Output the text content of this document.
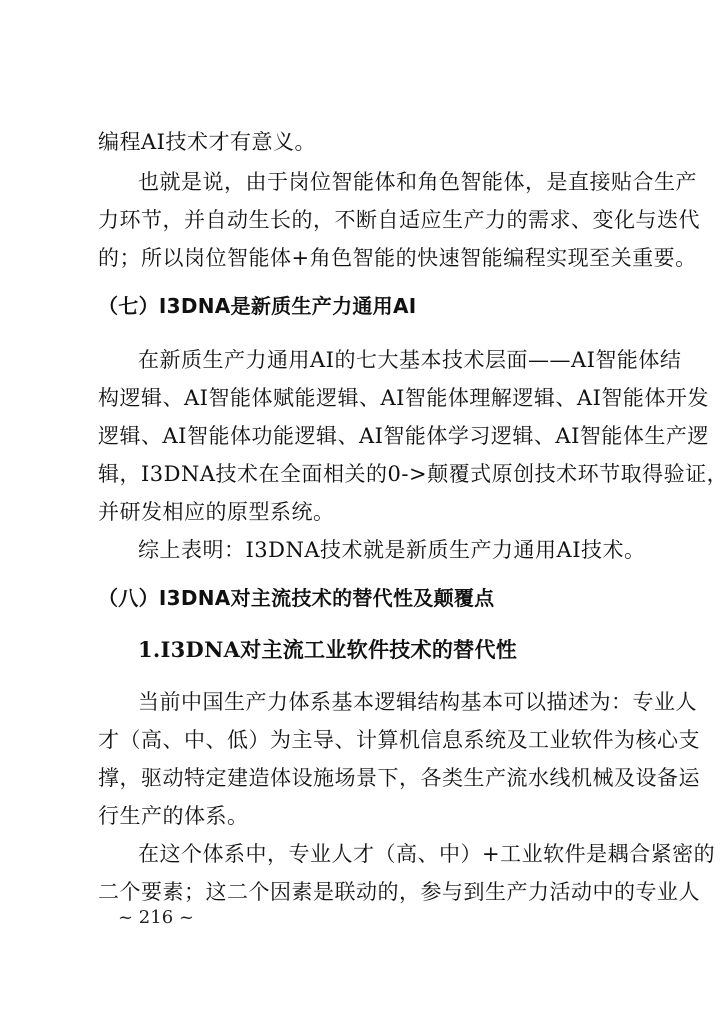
编程AI技术才有意义。
也就是说，由于岗位智能体和角色智能体，是直接贴合生产
力环节，并自动生长的，不断自适应生产力的需求、变化与迭代
的；所以岗位智能体+角色智能的快速智能编程实现至关重要。
（七）I3DNA是新质生产力通用AI
在新质生产力通用AI的七大基本技术层面——AI智能体结
构逻辑、AI智能体赋能逻辑、AI智能体理解逻辑、AI智能体开发
逻辑、AI智能体功能逻辑、AI智能体学习逻辑、AI智能体生产逻
辑，I3DNA技术在全面相关的0->颠覆式原创技术环节取得验证，
并研发相应的原型系统。
综上表明：I3DNA技术就是新质生产力通用AI技术。
（八）I3DNA对主流技术的替代性及颠覆点
1.I3DNA对主流工业软件技术的替代性
当前中国生产力体系基本逻辑结构基本可以描述为：专业人
才（高、中、低）为主导、计算机信息系统及工业软件为核心支
撑，驱动特定建造体设施场景下，各类生产流水线机械及设备运
行生产的体系。
在这个体系中，专业人才（高、中）+工业软件是耦合紧密的
二个要素；这二个因素是联动的，参与到生产力活动中的专业人
~ 216 ~
